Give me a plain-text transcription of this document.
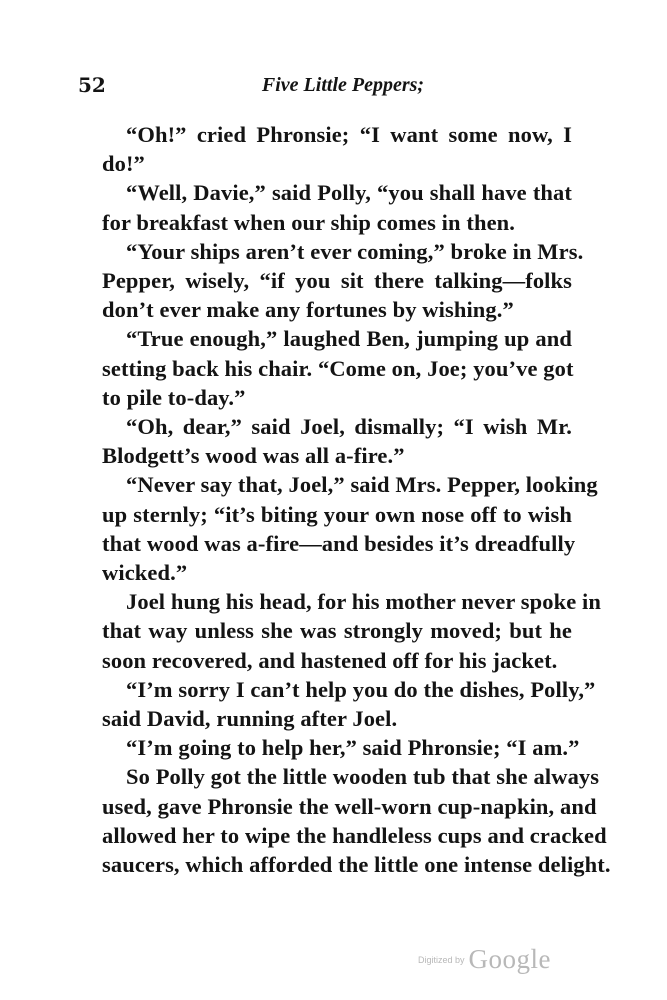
52	Five Little Peppers;
“Oh!” cried Phronsie; “I want some now, I
do!”
“Well, Davie,” said Polly, “you shall have that
for breakfast when our ship comes in then.
“Your ships aren’t ever coming,” broke in Mrs.
Pepper, wisely, “if you sit there talking—folks
don’t ever make any fortunes by wishing.”
“True enough,” laughed Ben, jumping up and
setting back his chair. “Come on, Joe; you’ve got
to pile to-day.”
“Oh, dear,” said Joel, dismally; “I wish Mr.
Blodgett’s wood was all a-fire.”
“Never say that, Joel,” said Mrs. Pepper, looking
up sternly; “it’s biting your own nose off to wish
that wood was a-fire—and besides it’s dreadfully
wicked.”
Joel hung his head, for his mother never spoke in
that way unless she was strongly moved; but he
soon recovered, and hastened off for his jacket.
“I’m sorry I can’t help you do the dishes, Polly,”
said David, running after Joel.
“I’m going to help her,” said Phronsie; “I am.”
So Polly got the little wooden tub that she always
used, gave Phronsie the well-worn cup-napkin, and
allowed her to wipe the handleless cups and cracked
saucers, which afforded the little one intense delight.
Digitized by Google
